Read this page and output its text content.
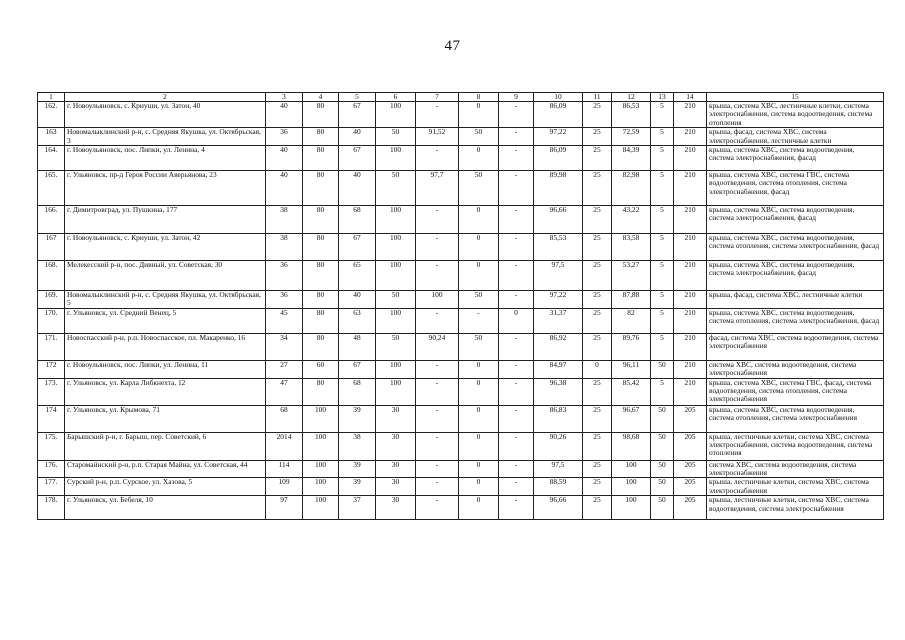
47
1	2	3	4	5	6	7	8	9	10	11	12	13	14	15
162.	г. Новоульяновск, с. Криуши, ул. Затон, 40	40	80	67	100	-	0	-	86,09	25	86,53	5	210	крыша, система ХВС, лестничные клетки, система электроснабжения, система водоотведения, система отопления
163	Новомалыклинский р-н, с. Средняя Якушка, ул. Октябрьская, 3	36	80	40	50	91,52	50	-	97,22	25	72,59	5	210	крыша, фасад, система ХВС, система электроснабжения, лестничные клетки
164.	г. Новоульяновск, пос. Липки, ул. Ленина, 4	40	80	67	100	-	0	-	86,09	25	84,39	5	210	крыша, система ХВС, система водоотведения, система электроснабжения, фасад
165.	г. Ульяновск, пр-д Героя России Аверьянова, 23	40	80	40	50	97,7	50	-	89,98	25	82,98	5	210	крыша, система ХВС, система ГВС, система водоотведения, система отопления, система электроснабжения, фасад
166.	г. Димитровград, ул. Пушкина, 177	38	80	68	100	-	0	-	96,66	25	43,22	5	210	крыша, система ХВС, система водоотведения, система электроснабжения, фасад
167	г. Новоульяновск, с. Криуши, ул. Затон, 42	38	80	67	100	-	0	-	85,53	25	83,58	5	210	крыша, система ХВС, система водоотведения, система отопления, система электроснабжения, фасад
168.	Мелекесский р-н, пос. Дивный, ул. Советская, 30	36	80	65	100	-	0	-	97,5	25	53,27	5	210	крыша, система ХВС, система водоотведения, система электроснабжения, фасад
169.	Новомалыклинский р-н, с. Средняя Якушка, ул. Октябрьская, 5	36	80	40	50	100	50	-	97,22	25	87,88	5	210	крыша, фасад, система ХВС, лестничные клетки
170.	г. Ульяновск, ул. Средний Венец, 5	45	80	63	100	-	-	0	31,37	25	82	5	210	крыша, система ХВС, система водоотведения, система отопления, система электроснабжения, фасад
171.	Новоспасский р-н, р.п. Новоспасское, пл. Макаренко, 16	34	80	48	50	90,24	50	-	86,92	25	89,76	5	210	фасад, система ХВС, система водоотведения, система электроснабжения
172	г. Новоульяновск, пос. Липки, ул. Ленина, 11	27	60	67	100	-	0	-	84,97	0	96,11	50	210	система ХВС, система водоотведения, система электроснабжения
173.	г. Ульяновск, ул. Карла Либкнехта, 12	47	80	68	100	-	0	-	96,38	25	85,42	5	210	крыша, система ХВС, система ГВС, фасад, система водоотведения, система отопления, система электроснабжения
174	г. Ульяновск, ул. Крымова, 71	68	100	39	30	-	0	-	86,83	25	96,67	50	205	крыша, система ХВС, система водоотведения, система отопления, система электроснабжения
175.	Барышский р-н, г. Барыш, пер. Советский, 6	2014	100	38	30	-	0	-	90,26	25	98,68	50	205	крыша, лестничные клетки, система ХВС, система электроснабжения, система водоотведения, система отопления
176.	Старомайнский р-н, р.п. Старая Майна, ул. Советская, 44	114	100	39	30	-	0	-	97,5	25	100	50	205	система ХВС, система водоотведения, система электроснабжения
177.	Сурский р-н, р.п. Сурское, ул. Хазова, 5	109	100	39	30	-	0	-	88,59	25	100	50	205	крыша, лестничные клетки, система ХВС, система электроснабжения
178.	г. Ульяновск, ул. Бебеля, 10	97	100	37	30	-	0	-	96,66	25	100	50	205	крыша, лестничные клетки, система ХВС, система водоотведения, система электроснабжения
